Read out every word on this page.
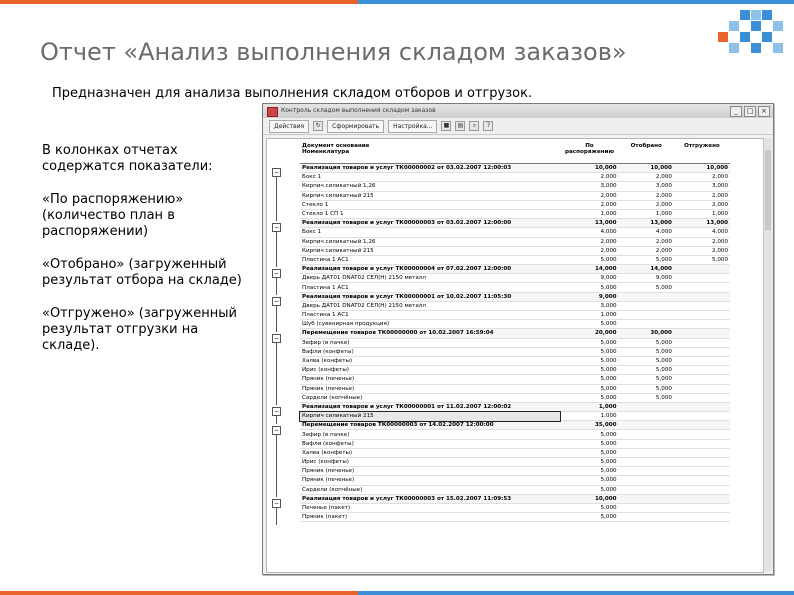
Отчет «Анализ выполнения складом заказов»
Предназначен для анализа выполнения складом отборов и отгрузок.

В колонках отчетах содержатся показатели:

«По распоряжению» (количество план в распоряжении)

«Отобрано» (загруженный результат отбора на складе)

«Отгружено» (загруженный результат отгрузки на складе).

Контроль складом выполнения складом заказов	_	□	×
Действия	↻	Сформировать	Настройка...	■	▤	⌕	?
−
−
−
−
−
−
−
−
Документ основание
Номенклатура	По
распоряжению	Отобрано	Отгружено
Реализация товаров и услуг ТК00000002 от 03.02.2007 12:00:03	10,000	10,000	10,000
Бокс 1	2,000	2,000	2,000
Кирпич силикатный 1,26	3,000	3,000	3,000
Кирпич силикатный 215	2,000	2,000	2,000
Стекло 1	2,000	2,000	2,000
Стекло 1 СП 1	1,000	1,000	1,000
Реализация товаров и услуг ТК00000003 от 03.02.2007 12:00:00	13,000	13,000	13,000
Бокс 1	4,000	4,000	4,000
Кирпич силикатный 1,26	2,000	2,000	2,000
Кирпич силикатный 215	2,000	2,000	2,000
Пластина 1 АС1	5,000	5,000	5,000
Реализация товаров и услуг ТК00000004 от 07.02.2007 12:00:00	14,000	14,000	
Дверь ДАТ01 DNAT02 СЕЛ(Н) 2150 металл	9,000	9,000	
Пластина 1 АС1	5,000	5,000	
Реализация товаров и услуг ТК00000001 от 10.02.2007 11:05:30	9,000		
Дверь ДАТ01 DNAT02 СЕЛ(Н) 2150 металл	3,000		
Пластина 1 АС1	1,000		
Шуб (сувенирная продукция)	5,000		
Перемещение товаров ТК00000000 от 10.02.2007 16:59:04	20,000	30,000	
Зефир (в пачке)	5,000	5,000	
Вафли (конфеты)	5,000	5,000	
Халва (конфеты)	5,000	5,000	
Ирис (конфеты)	5,000	5,000	
Пряник (печенье)	5,000	5,000	
Пряник (печенье)	5,000	5,000	
Сардели (копчёные)	5,000	5,000	
Реализация товаров и услуг ТК00000001 от 11.02.2007 12:00:02	1,000		
Кирпич силикатный 215	1,000		
Перемещение товаров ТК00000003 от 14.02.2007 12:00:00	35,000		
Зефир (в пачке)	5,000		
Вафли (конфеты)	5,000		
Халва (конфеты)	5,000		
Ирис (конфеты)	5,000		
Пряник (печенье)	5,000		
Пряник (печенье)	5,000		
Сардели (копчёные)	5,000		
Реализация товаров и услуг ТК00000003 от 15.02.2007 11:09:53	10,000		
Печенье (пакет)	5,000		
Пряник (пакет)	5,000		
